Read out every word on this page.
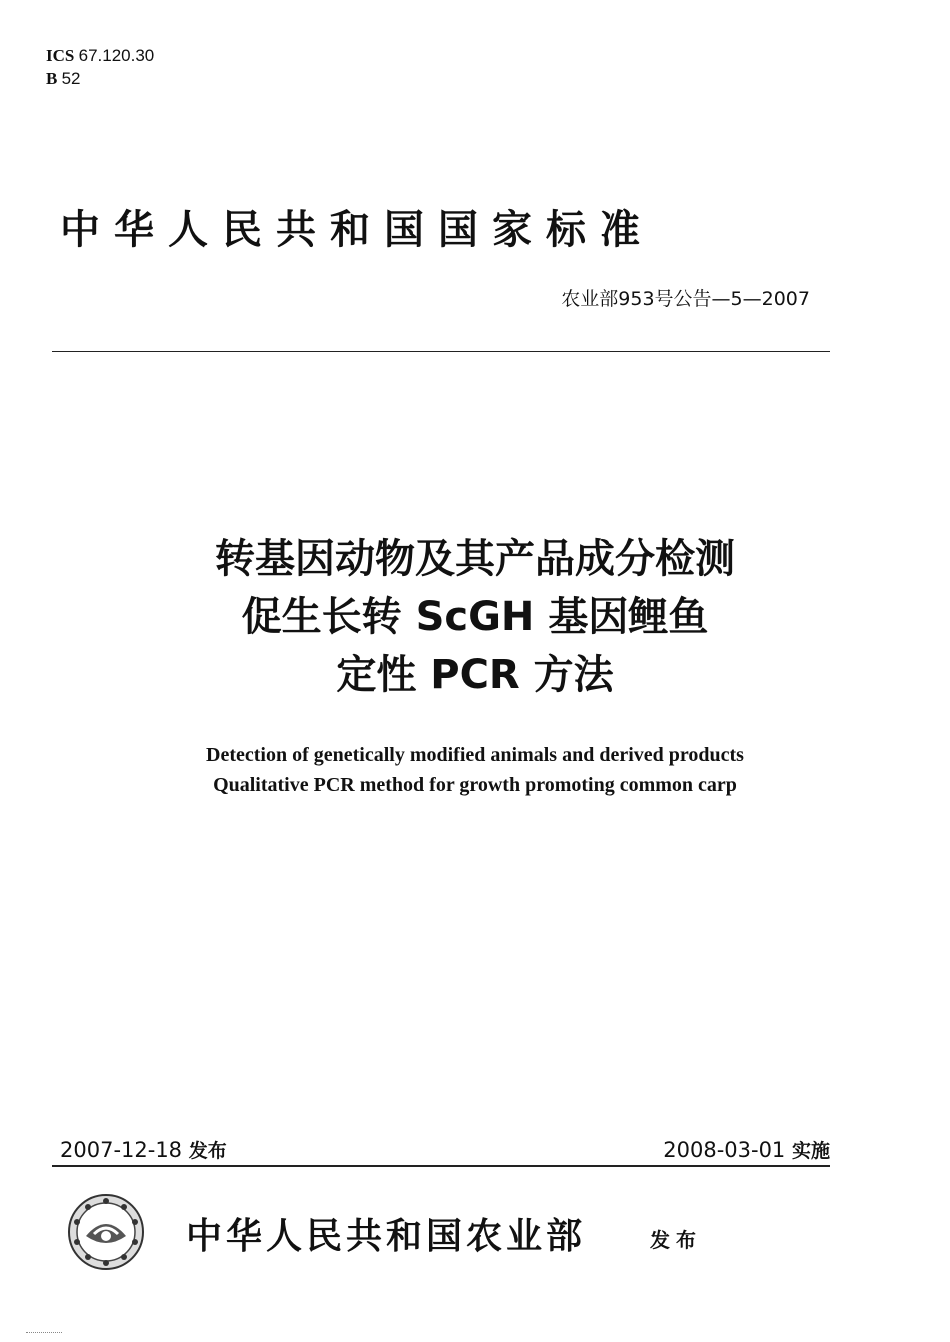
ICS 67.120.30
B 52
中华人民共和国国家标准
农业部953号公告—5—2007
转基因动物及其产品成分检测
促生长转 ScGH 基因鲤鱼
定性 PCR 方法
Detection of genetically modified animals and derived products
Qualitative PCR method for growth promoting common carp
2007-12-18 发布	2008-03-01 实施
中华人民共和国农业部	发布
